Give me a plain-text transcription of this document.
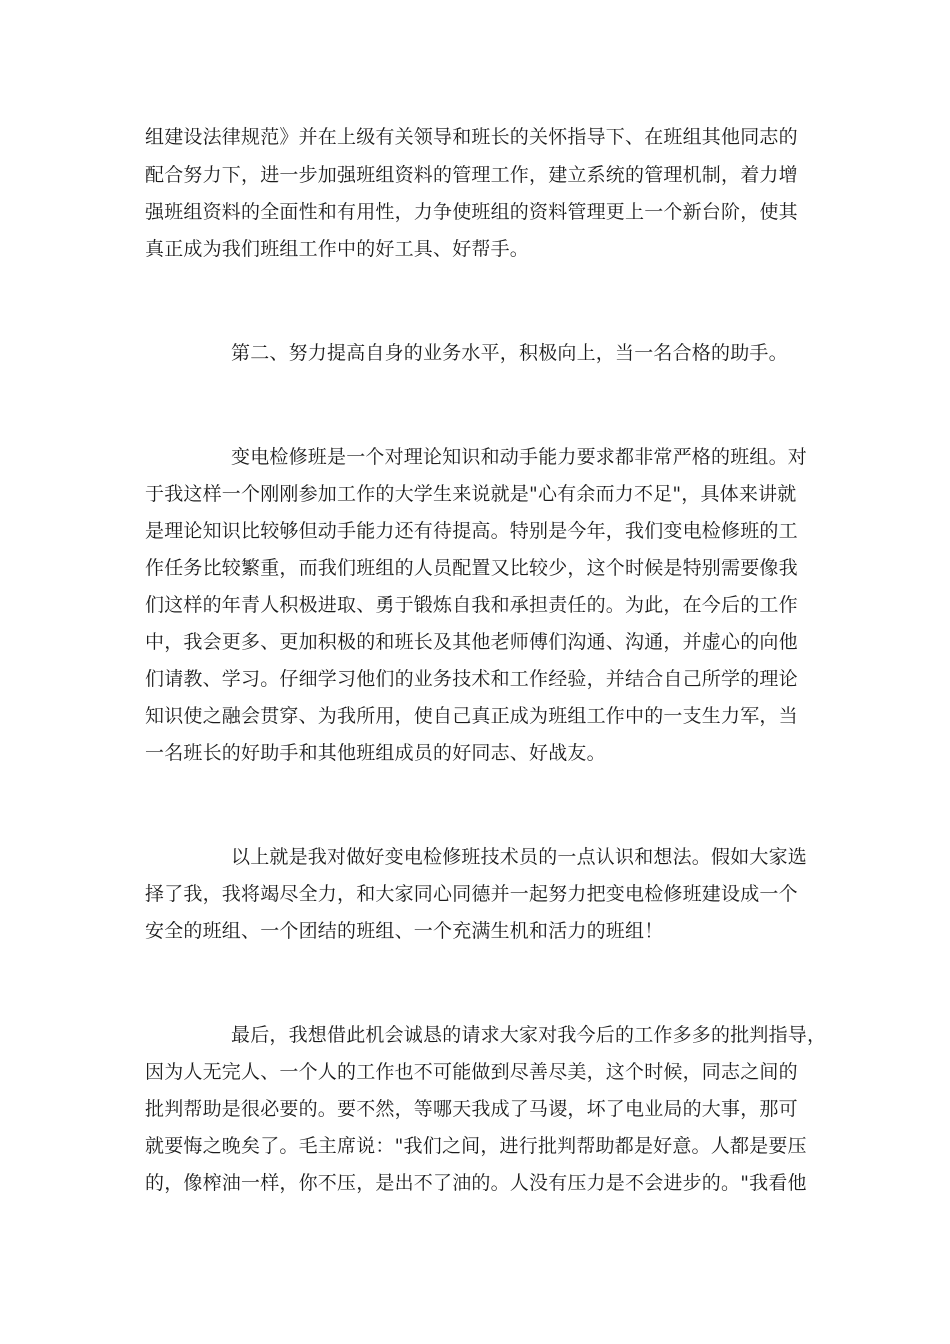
组建设法律规范》并在上级有关领导和班长的关怀指导下、在班组其他同志的
配合努力下，进一步加强班组资料的管理工作，建立系统的管理机制，着力增
强班组资料的全面性和有用性，力争使班组的资料管理更上一个新台阶，使其
真正成为我们班组工作中的好工具、好帮手。
第二、努力提高自身的业务水平，积极向上，当一名合格的助手。
变电检修班是一个对理论知识和动手能力要求都非常严格的班组。对
于我这样一个刚刚参加工作的大学生来说就是"心有余而力不足"，具体来讲就
是理论知识比较够但动手能力还有待提高。特别是今年，我们变电检修班的工
作任务比较繁重，而我们班组的人员配置又比较少，这个时候是特别需要像我
们这样的年青人积极进取、勇于锻炼自我和承担责任的。为此，在今后的工作
中，我会更多、更加积极的和班长及其他老师傅们沟通、沟通，并虚心的向他
们请教、学习。仔细学习他们的业务技术和工作经验，并结合自己所学的理论
知识使之融会贯穿、为我所用，使自己真正成为班组工作中的一支生力军，当
一名班长的好助手和其他班组成员的好同志、好战友。
以上就是我对做好变电检修班技术员的一点认识和想法。假如大家选
择了我，我将竭尽全力，和大家同心同德并一起努力把变电检修班建设成一个
安全的班组、一个团结的班组、一个充满生机和活力的班组！
最后，我想借此机会诚恳的请求大家对我今后的工作多多的批判指导，
因为人无完人、一个人的工作也不可能做到尽善尽美，这个时候，同志之间的
批判帮助是很必要的。要不然，等哪天我成了马谡，坏了电业局的大事，那可
就要悔之晚矣了。毛主席说："我们之间，进行批判帮助都是好意。人都是要压
的，像榨油一样，你不压，是出不了油的。人没有压力是不会进步的。"我看他
